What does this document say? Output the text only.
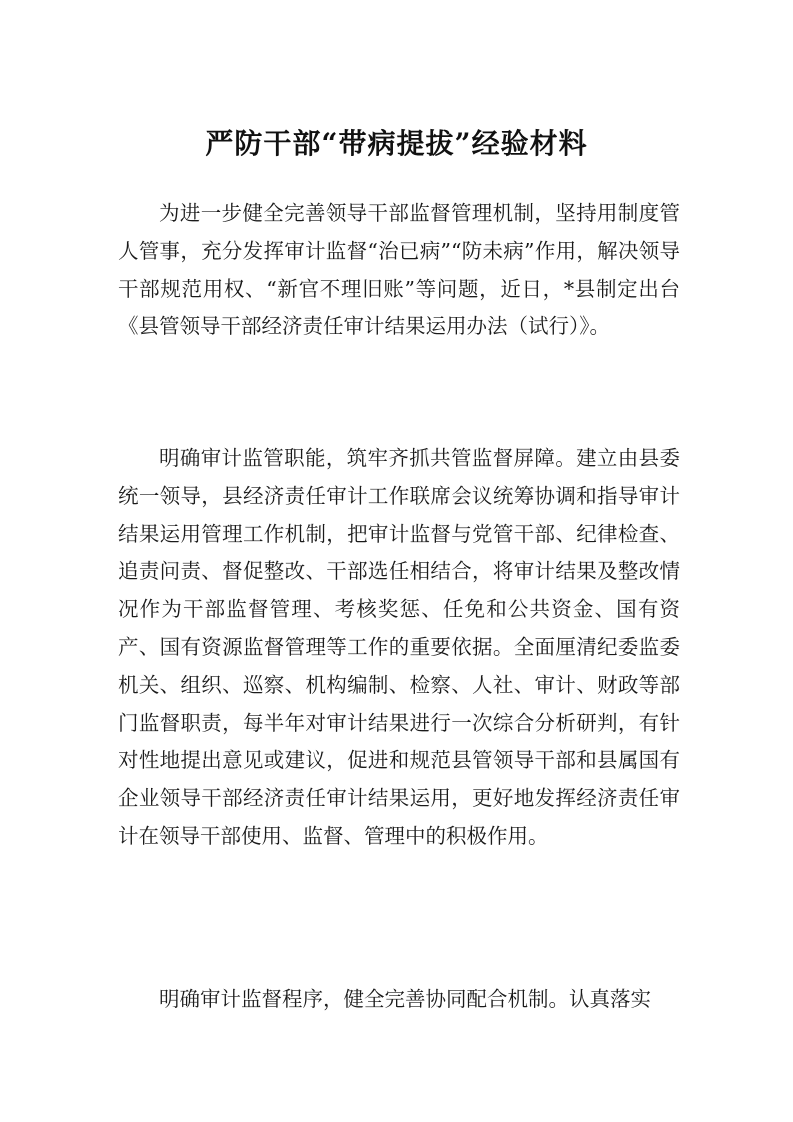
严防干部“带病提拔”经验材料

为进一步健全完善领导干部监督管理机制，坚持用制度管人管事，充分发挥审计监督“治已病”“防未病”作用，解决领导干部规范用权、“新官不理旧账”等问题，近日，*县制定出台《县管领导干部经济责任审计结果运用办法（试行）》。

明确审计监管职能，筑牢齐抓共管监督屏障。建立由县委统一领导，县经济责任审计工作联席会议统筹协调和指导审计结果运用管理工作机制，把审计监督与党管干部、纪律检查、追责问责、督促整改、干部选任相结合，将审计结果及整改情况作为干部监督管理、考核奖惩、任免和公共资金、国有资产、国有资源监督管理等工作的重要依据。全面厘清纪委监委机关、组织、巡察、机构编制、检察、人社、审计、财政等部门监督职责，每半年对审计结果进行一次综合分析研判，有针对性地提出意见或建议，促进和规范县管领导干部和县属国有企业领导干部经济责任审计结果运用，更好地发挥经济责任审计在领导干部使用、监督、管理中的积极作用。

明确审计监督程序，健全完善协同配合机制。认真落实
